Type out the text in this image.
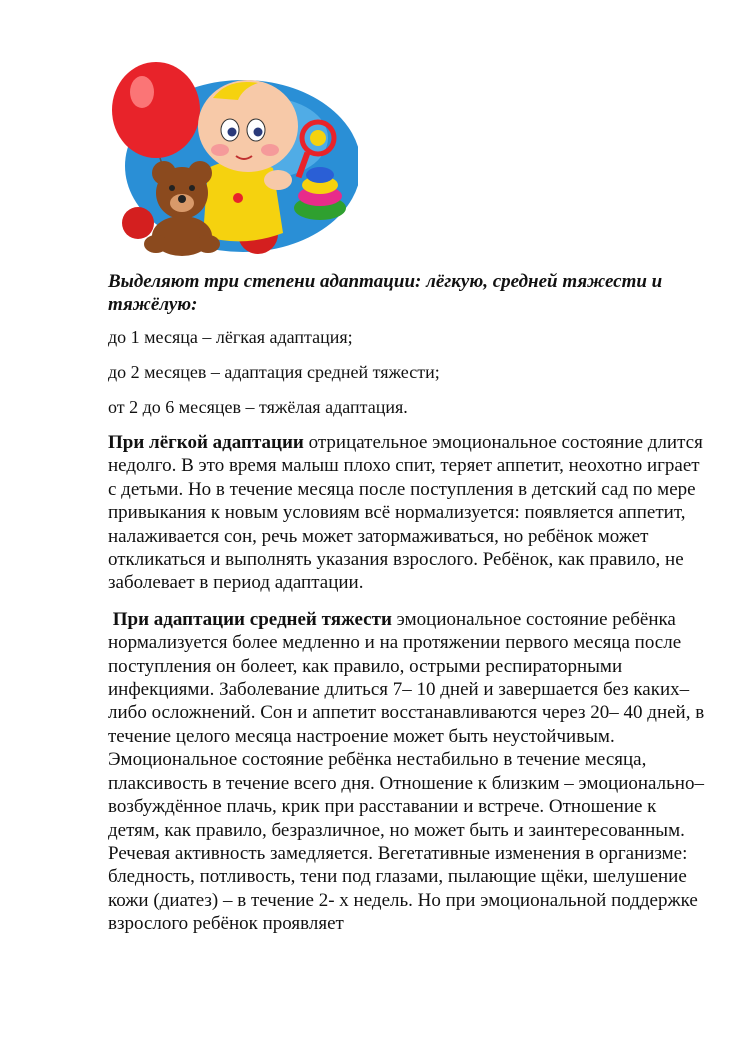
Выделяют три степени адаптации: лёгкую, средней тяжести и тяжёлую:

до 1 месяца – лёгкая адаптация;

до 2 месяцев – адаптация средней тяжести;

от 2 до 6 месяцев – тяжёлая адаптация.

При лёгкой адаптации отрицательное эмоциональное состояние длится недолго. В это время малыш плохо спит, теряет аппетит, неохотно играет с детьми. Но в течение месяца после поступления в детский сад по мере привыкания к новым условиям всё нормализуется: появляется аппетит, налаживается сон, речь может затормаживаться, но ребёнок может откликаться и выполнять указания взрослого. Ребёнок, как правило, не заболевает в период адаптации.

При адаптации средней тяжести эмоциональное состояние ребёнка нормализуется более медленно и на протяжении первого месяца после поступления он болеет, как правило, острыми респираторными инфекциями. Заболевание длиться 7– 10 дней и завершается без каких–либо осложнений. Сон и аппетит восстанавливаются через 20– 40 дней, в течение целого месяца настроение может быть неустойчивым. Эмоциональное состояние ребёнка нестабильно в течение месяца, плаксивость в течение всего дня. Отношение к близким – эмоционально– возбуждённое плачь, крик при расставании и встрече. Отношение к детям, как правило, безразличное, но может быть и заинтересованным. Речевая активность замедляется. Вегетативные изменения в организме: бледность, потливость, тени под глазами, пылающие щёки, шелушение кожи (диатез) – в течение 2- х недель. Но при эмоциональной поддержке взрослого ребёнок проявляет
